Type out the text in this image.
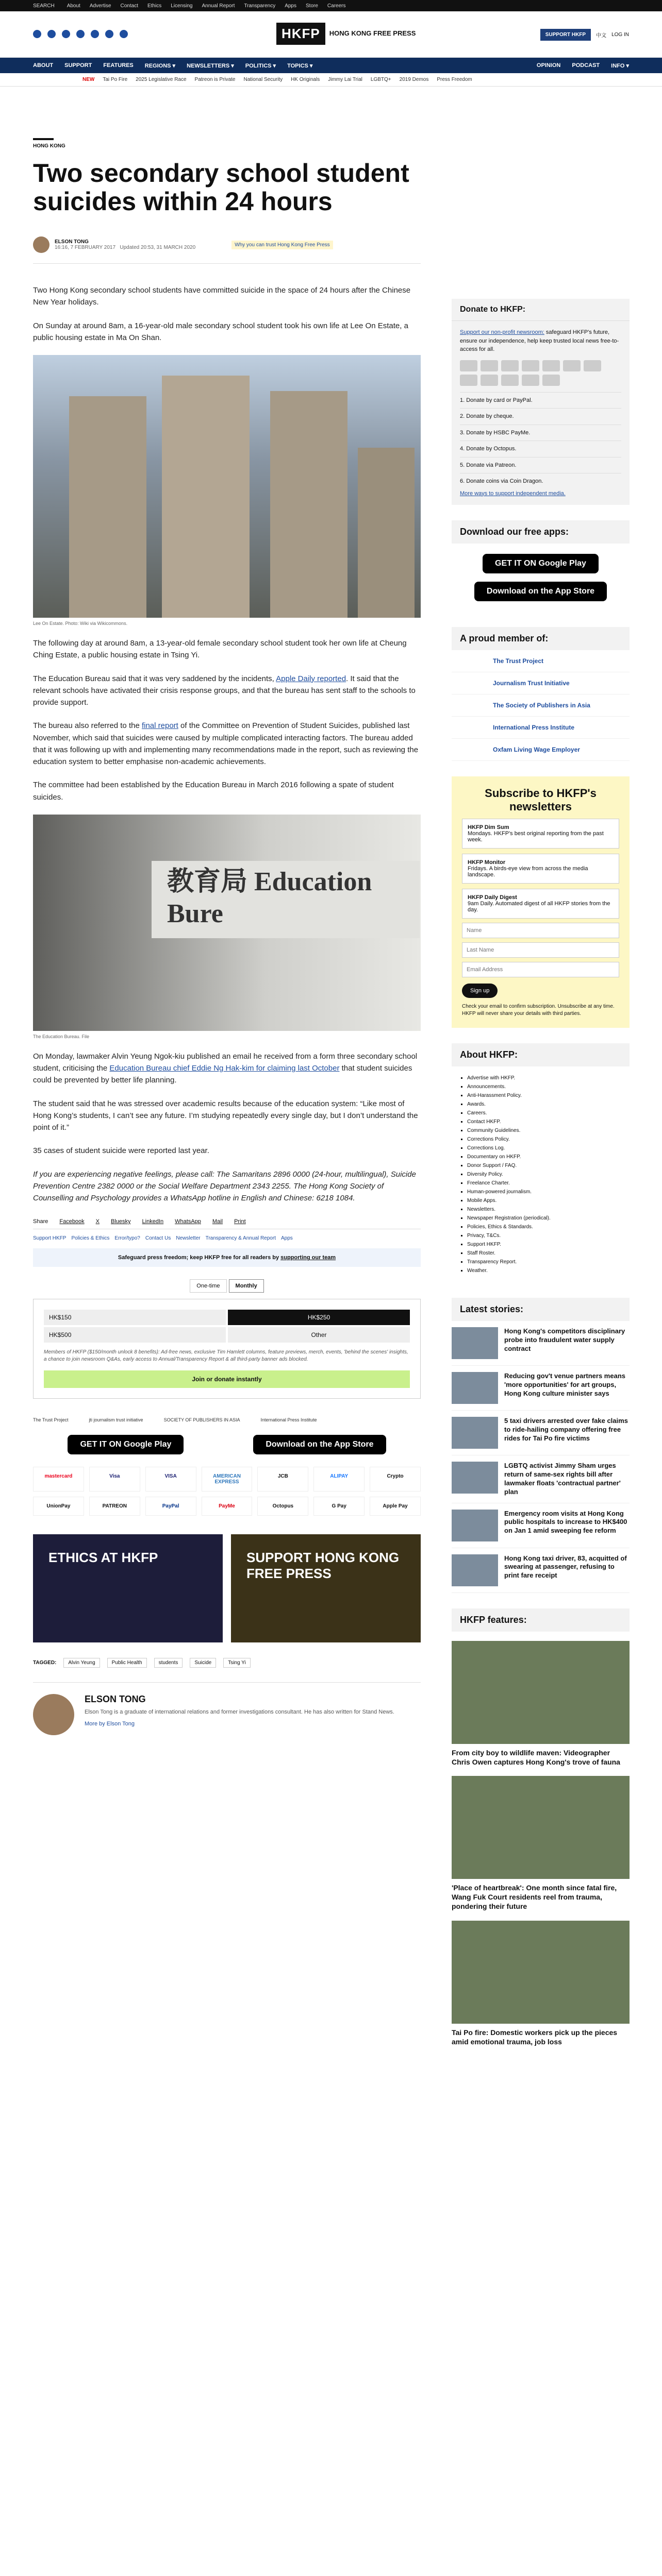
SEARCH About Advertise Contact Ethics Licensing Annual Report Transparency Apps Store Careers
HKFP	HONG KONG FREE PRESS	SUPPORT HKFP	中文 LOG IN
ABOUT SUPPORT FEATURES REGIONS ▾ NEWSLETTERS ▾ POLITICS ▾ TOPICS ▾	OPINION PODCAST INFO ▾
NEW Tai Po Fire 2025 Legislative Race Patreon is Private National Security HK Originals Jimmy Lai Trial LGBTQ+ 2019 Demos Press Freedom
HONG KONG
Two secondary school student suicides within 24 hours
ELSON TONG
16:16, 7 FEBRUARY 2017 Updated 20:53, 31 MARCH 2020	Why you can trust Hong Kong Free Press

Two Hong Kong secondary school students have committed suicide in the space of 24 hours after the Chinese New Year holidays.

On Sunday at around 8am, a 16-year-old male secondary school student took his own life at Lee On Estate, a public housing estate in Ma On Shan.

Lee On Estate. Photo: Wiki via Wikicommons.

The following day at around 8am, a 13-year-old female secondary school student took her own life at Cheung Ching Estate, a public housing estate in Tsing Yi.

The Education Bureau said that it was very saddened by the incidents, Apple Daily reported. It said that the relevant schools have activated their crisis response groups, and that the bureau has sent staff to the schools to provide support.

The bureau also referred to the final report of the Committee on Prevention of Student Suicides, published last November, which said that suicides were caused by multiple complicated interacting factors. The bureau added that it was following up with and implementing many recommendations made in the report, such as reviewing the education system to better emphasise non-academic achievements.

The committee had been established by the Education Bureau in March 2016 following a spate of student suicides.

教育局 Education Bure
The Education Bureau. File

On Monday, lawmaker Alvin Yeung Ngok-kiu published an email he received from a form three secondary school student, criticising the Education Bureau chief Eddie Ng Hak-kim for claiming last October that student suicides could be prevented by better life planning.

The student said that he was stressed over academic results because of the education system: “Like most of Hong Kong’s students, I can’t see any future. I’m studying repeatedly every single day, but I don’t understand the point of it.”

35 cases of student suicide were reported last year.

If you are experiencing negative feelings, please call: The Samaritans 2896 0000 (24-hour, multilingual), Suicide Prevention Centre 2382 0000 or the Social Welfare Department 2343 2255. The Hong Kong Society of Counselling and Psychology provides a WhatsApp hotline in English and Chinese: 6218 1084.

Share Facebook X Bluesky LinkedIn WhatsApp Mail Print
Support HKFP Policies & Ethics Error/typo? Contact Us Newsletter Transparency & Annual Report Apps
Safeguard press freedom; keep HKFP free for all readers by supporting our team
One-time	Monthly
HK$150	HK$250
HK$500	Other
Members of HKFP ($150/month unlock 8 benefits): Ad-free news, exclusive Tim Hamlett columns, feature previews, merch, events, 'behind the scenes' insights, a chance to join newsroom Q&As, early access to Annual/Transparency Report & all third-party banner ads blocked.
Join or donate instantly
The Trust Project	jti journalism trust initiative	SOCIETY OF PUBLISHERS IN ASIA	International Press Institute
GET IT ON Google Play	Download on the App Store
mastercard	Visa	VISA	AMERICAN EXPRESS
JCB	ALIPAY	Crypto
UnionPay	PATREON	PayPal	PayMe	Octopus	G Pay	Apple Pay
ETHICS AT HKFP	SUPPORT HONG KONG FREE PRESS
TAGGED:	Alvin Yeung	Public Health	students	Suicide	Tsing Yi
ELSON TONG

Elson Tong is a graduate of international relations and former investigations consultant. He has also written for Stand News.

More by Elson Tong
Donate to HKFP:
Support our non-profit newsroom: safeguard HKFP's future, ensure our independence, help keep trusted local news free-to-access for all.
1. Donate by card or PayPal.
2. Donate by cheque.
3. Donate by HSBC PayMe.
4. Donate by Octopus.
5. Donate via Patreon.
6. Donate coins via Coin Dragon.
More ways to support independent media.
Download our free apps:
GET IT ON Google Play
Download on the App Store
A proud member of:
The Trust Project
Journalism Trust Initiative
The Society of Publishers in Asia
International Press Institute
Oxfam Living Wage Employer
Subscribe to HKFP's newsletters
HKFP Dim Sum
Mondays. HKFP's best original reporting from the past week.
HKFP Monitor
Fridays. A birds-eye view from across the media landscape.
HKFP Daily Digest
9am Daily. Automated digest of all HKFP stories from the day.
Name Last Name Email Address Sign up
Check your email to confirm subscription. Unsubscribe at any time. HKFP will never share your details with third parties.
About HKFP:
▪ Advertise with HKFP.
▪ Announcements.
▪ Anti-Harassment Policy.
▪ Awards.
▪ Careers.
▪ Contact HKFP.
▪ Community Guidelines.
▪ Corrections Policy.
▪ Corrections Log.
▪ Documentary on HKFP.
▪ Donor Support / FAQ.
▪ Diversity Policy.
▪ Freelance Charter.
▪ Human-powered journalism.
▪ Mobile Apps.
▪ Newsletters.
▪ Newspaper Registration (periodical).
▪ Policies, Ethics & Standards.
▪ Privacy, T&Cs.
▪ Support HKFP.
▪ Staff Roster.
▪ Transparency Report.
▪ Weather.
Latest stories:
Hong Kong's competitors disciplinary probe into fraudulent water supply contract
Reducing gov't venue partners means 'more opportunities' for art groups, Hong Kong culture minister says
5 taxi drivers arrested over fake claims to ride-hailing company offering free rides for Tai Po fire victims
LGBTQ activist Jimmy Sham urges return of same-sex rights bill after lawmaker floats 'contractual partner' plan
Emergency room visits at Hong Kong public hospitals to increase to HK$400 on Jan 1 amid sweeping fee reform
Hong Kong taxi driver, 83, acquitted of swearing at passenger, refusing to print fare receipt
HKFP features:
From city boy to wildlife maven: Videographer Chris Owen captures Hong Kong's trove of fauna
'Place of heartbreak': One month since fatal fire, Wang Fuk Court residents reel from trauma, pondering their future
Tai Po fire: Domestic workers pick up the pieces amid emotional trauma, job loss
